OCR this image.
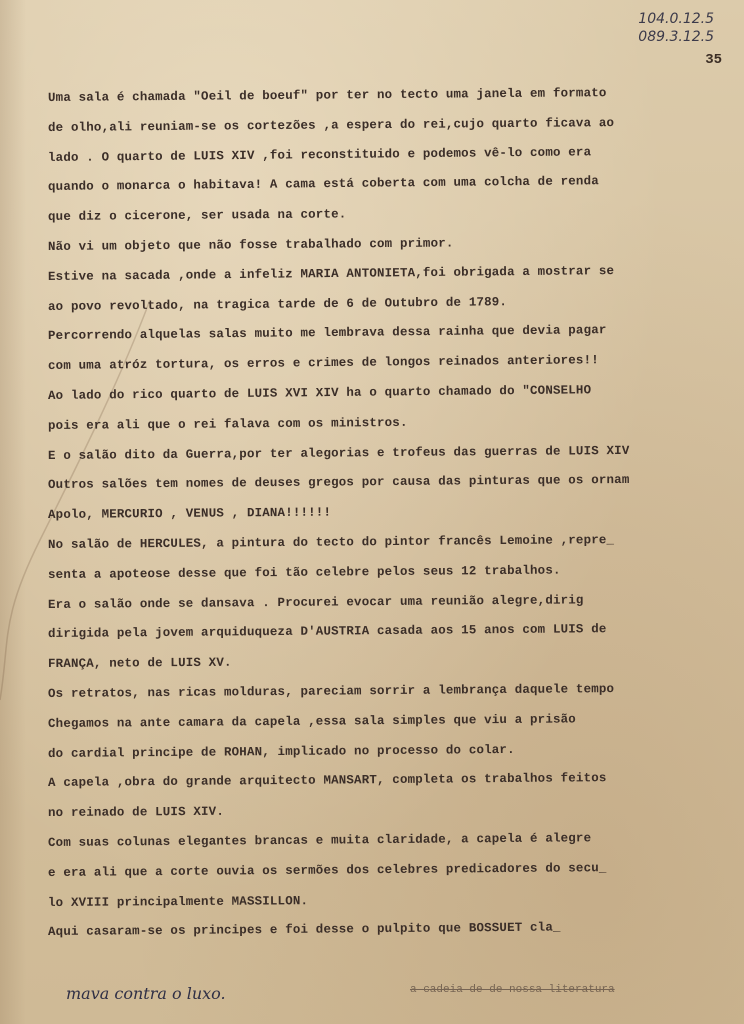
104.0.12.5
089.3.12.5
35
Uma sala é chamada "Oeil de boeuf" por ter no tecto uma janela em formato
de olho,ali reuniam-se os cortezões ,a espera do rei,cujo quarto ficava ao
lado . O quarto de LUIS XIV ,foi reconstituido e podemos vê-lo como era
quando o monarca o habitava! A cama está coberta com uma colcha de renda
que diz o cicerone, ser usada na corte.
Não vi um objeto que não fosse trabalhado com primor.
Estive na sacada ,onde a infeliz MARIA ANTONIETA,foi obrigada a mostrar se
ao povo revoltado, na tragica tarde de 6 de Outubro de 1789.
Percorrendo alquelas salas muito me lembrava dessa rainha que devia pagar
com uma atróz tortura, os erros e crimes de longos reinados anteriores!!
Ao lado do rico quarto de LUIS XVI XIV ha o quarto chamado do "CONSELHO
pois era ali que o rei falava com os ministros.
E o salão dito da Guerra,por ter alegorias e trofeus das guerras de LUIS XIV
Outros salões tem nomes de deuses gregos por causa das pinturas que os ornam
Apolo, MERCURIO , VENUS , DIANA!!!!!!
No salão de HERCULES, a pintura do tecto do pintor francês Lemoine ,repre_
senta a apoteose desse que foi tão celebre pelos seus 12 trabalhos.
Era o salão onde se dansava . Procurei evocar uma reunião alegre,dirig
dirigida pela jovem arquiduqueza D'AUSTRIA casada aos 15 anos com LUIS de
FRANÇA, neto de LUIS XV.
Os retratos, nas ricas molduras, pareciam sorrir a lembrança daquele tempo
Chegamos na ante camara da capela ,essa sala simples que viu a prisão
do cardial principe de ROHAN, implicado no processo do colar.
A capela ,obra do grande arquitecto MANSART, completa os trabalhos feitos
no reinado de LUIS XIV.
Com suas colunas elegantes brancas e muita claridade, a capela é alegre
e era ali que a corte ouvia os sermões dos celebres predicadores do secu_
lo XVIII principalmente MASSILLON.
Aqui casaram-se os principes e foi desse o pulpito que BOSSUET cla_
mava contra o luxo.	a cadeia de de nossa literatura
